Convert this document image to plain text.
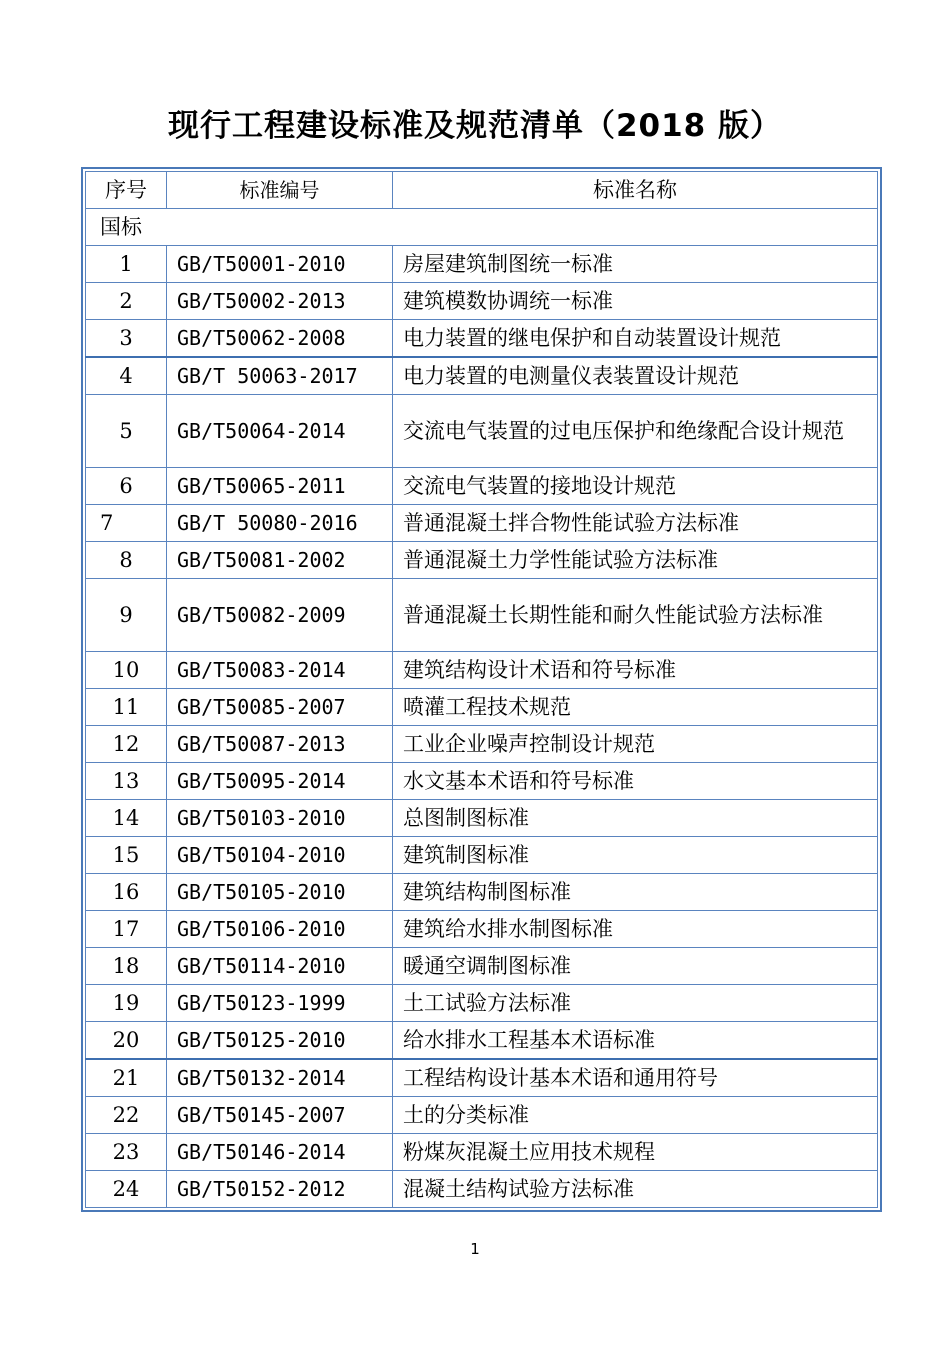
现行工程建设标准及规范清单（2018 版）
序号	标准编号	标准名称
国标		
1	GB/T50001-2010	房屋建筑制图统一标准
2	GB/T50002-2013	建筑模数协调统一标准
3	GB/T50062-2008	电力装置的继电保护和自动装置设计规范
4	GB/T 50063-2017	电力装置的电测量仪表装置设计规范
5	GB/T50064-2014	交流电气装置的过电压保护和绝缘配合设计规范
6	GB/T50065-2011	交流电气装置的接地设计规范
7	GB/T 50080-2016	普通混凝土拌合物性能试验方法标准
8	GB/T50081-2002	普通混凝土力学性能试验方法标准
9	GB/T50082-2009	普通混凝土长期性能和耐久性能试验方法标准
10	GB/T50083-2014	建筑结构设计术语和符号标准
11	GB/T50085-2007	喷灌工程技术规范
12	GB/T50087-2013	工业企业噪声控制设计规范
13	GB/T50095-2014	水文基本术语和符号标准
14	GB/T50103-2010	总图制图标准
15	GB/T50104-2010	建筑制图标准
16	GB/T50105-2010	建筑结构制图标准
17	GB/T50106-2010	建筑给水排水制图标准
18	GB/T50114-2010	暖通空调制图标准
19	GB/T50123-1999	土工试验方法标准
20	GB/T50125-2010	给水排水工程基本术语标准
21	GB/T50132-2014	工程结构设计基本术语和通用符号
22	GB/T50145-2007	土的分类标准
23	GB/T50146-2014	粉煤灰混凝土应用技术规程
24	GB/T50152-2012	混凝土结构试验方法标准
1
